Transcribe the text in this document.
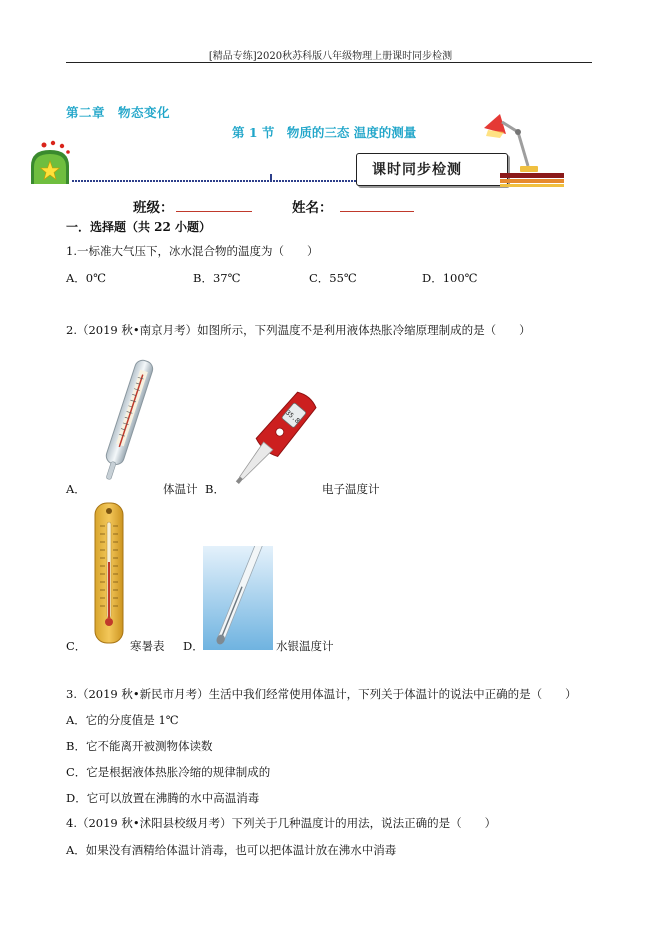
[精品专练]2020秋苏科版八年级物理上册课时同步检测
第二章　物态变化
第 1 节　物质的三态 温度的测量
课时同步检测
班级：	姓名：
一．选择题（共 22 小题）
1.一标准大气压下，冰水混合物的温度为（　　）
A．0℃	B．37℃	C．55℃	D．100℃
2.（2019 秋•南京月考）如图所示，下列温度不是利用液体热胀冷缩原理制成的是（　　）
A．	体温计
35.8
B．	电子温度计
C．	寒暑表 D．	水银温度计
3.（2019 秋•新民市月考）生活中我们经常使用体温计，下列关于体温计的说法中正确的是（　　）
A．它的分度值是 1℃
B．它不能离开被测物体读数
C．它是根据液体热胀冷缩的规律制成的
D．它可以放置在沸腾的水中高温消毒
4.（2019 秋•沭阳县校级月考）下列关于几种温度计的用法，说法正确的是（　　）
A．如果没有酒精给体温计消毒，也可以把体温计放在沸水中消毒
